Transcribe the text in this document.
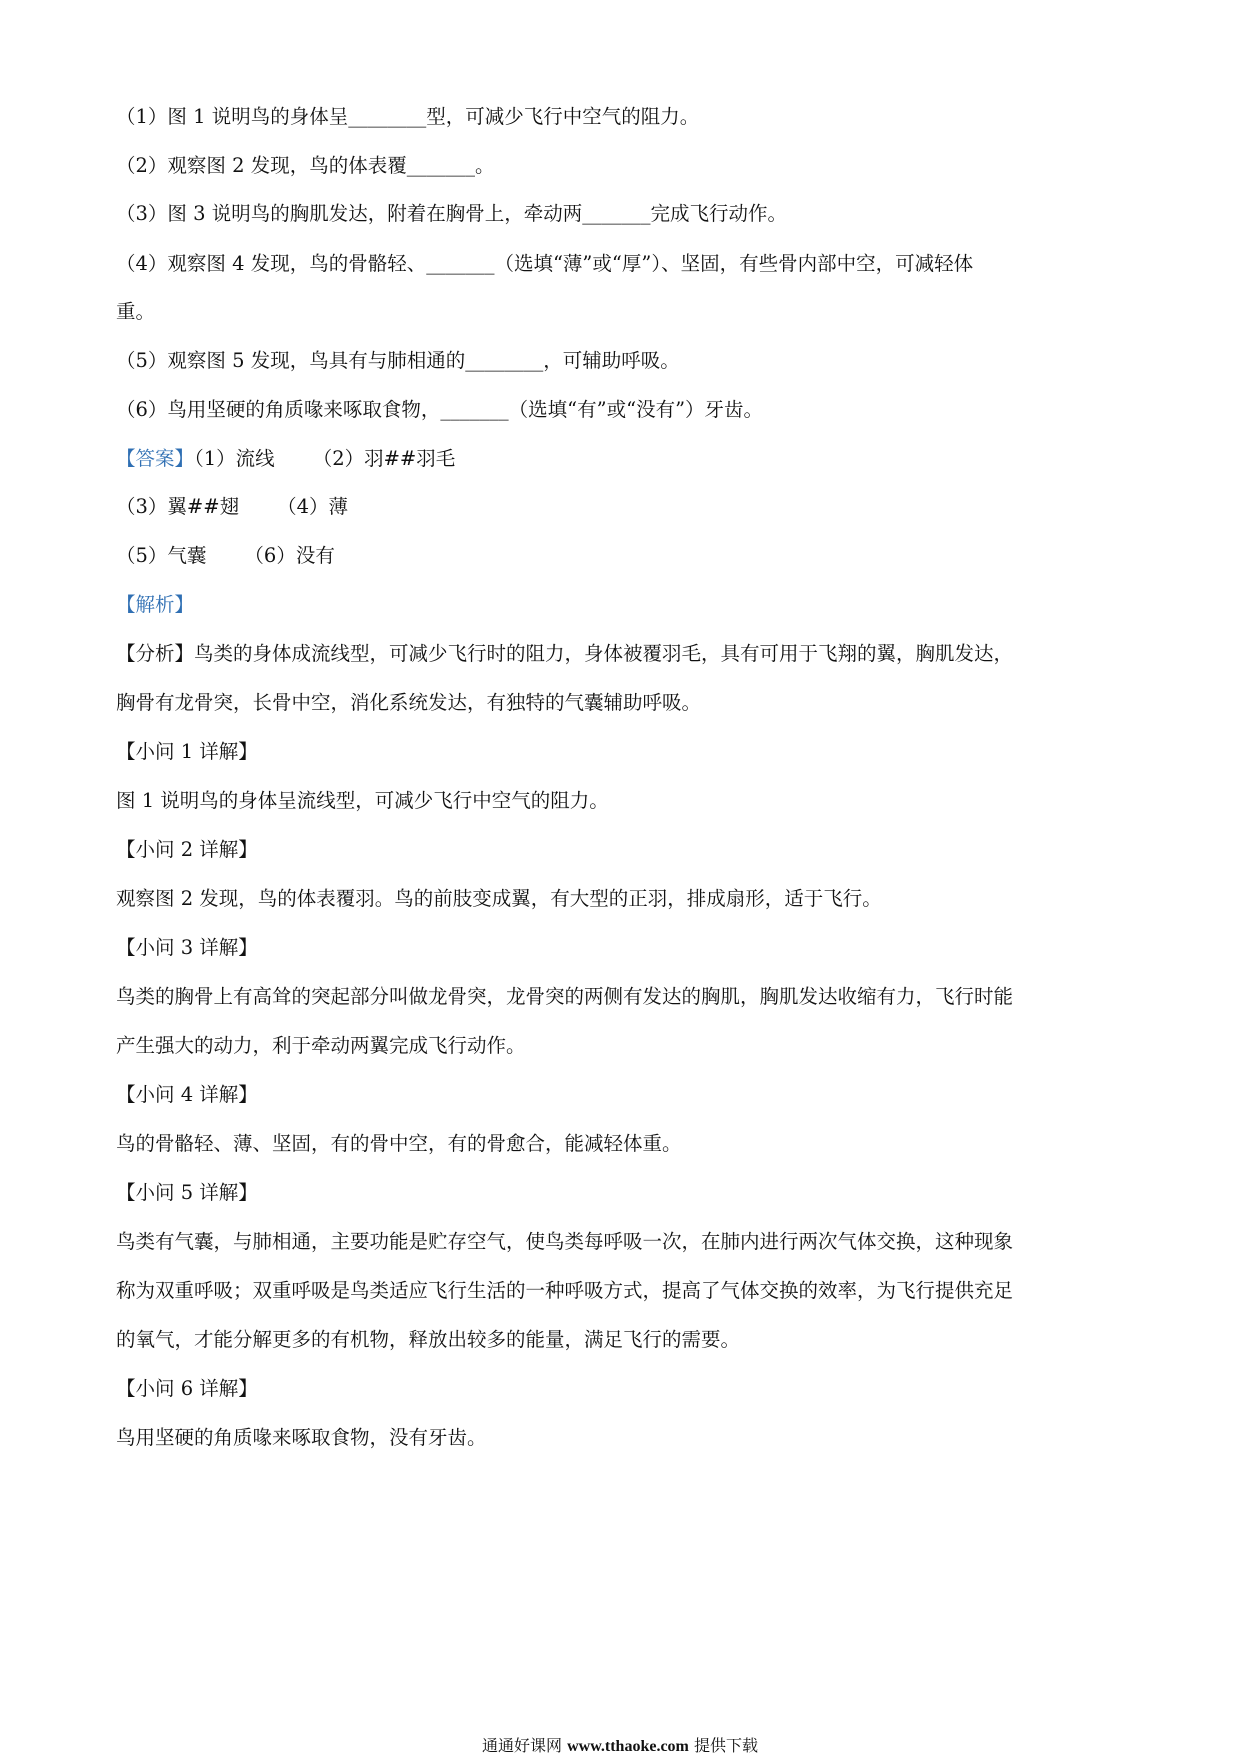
（1）图 1 说明鸟的身体呈________型，可减少飞行中空气的阻力。
（2）观察图 2 发现，鸟的体表覆_______。
（3）图 3 说明鸟的胸肌发达，附着在胸骨上，牵动两_______完成飞行动作。
（4）观察图 4 发现，鸟的骨骼轻、_______（选填“薄”或“厚”）、坚固，有些骨内部中空，可减轻体
重。
（5）观察图 5 发现，鸟具有与肺相通的________，可辅助呼吸。
（6）鸟用坚硬的角质喙来啄取食物，_______（选填“有”或“没有”）牙齿。
【答案】（1）流线 （2）羽##羽毛
（3）翼##翅 （4）薄
（5）气囊 （6）没有
【解析】
【分析】鸟类的身体成流线型，可减少飞行时的阻力，身体被覆羽毛，具有可用于飞翔的翼，胸肌发达，
胸骨有龙骨突，长骨中空，消化系统发达，有独特的气囊辅助呼吸。
【小问 1 详解】
图 1 说明鸟的身体呈流线型，可减少飞行中空气的阻力。
【小问 2 详解】
观察图 2 发现，鸟的体表覆羽。鸟的前肢变成翼，有大型的正羽，排成扇形，适于飞行。
【小问 3 详解】
鸟类的胸骨上有高耸的突起部分叫做龙骨突，龙骨突的两侧有发达的胸肌，胸肌发达收缩有力，飞行时能
产生强大的动力，利于牵动两翼完成飞行动作。
【小问 4 详解】
鸟的骨骼轻、薄、坚固，有的骨中空，有的骨愈合，能减轻体重。
【小问 5 详解】
鸟类有气囊，与肺相通，主要功能是贮存空气，使鸟类每呼吸一次，在肺内进行两次气体交换，这种现象
称为双重呼吸；双重呼吸是鸟类适应飞行生活的一种呼吸方式，提高了气体交换的效率，为飞行提供充足
的氧气，才能分解更多的有机物，释放出较多的能量，满足飞行的需要。
【小问 6 详解】
鸟用坚硬的角质喙来啄取食物，没有牙齿。
通通好课网 www.tthaoke.com 提供下载
